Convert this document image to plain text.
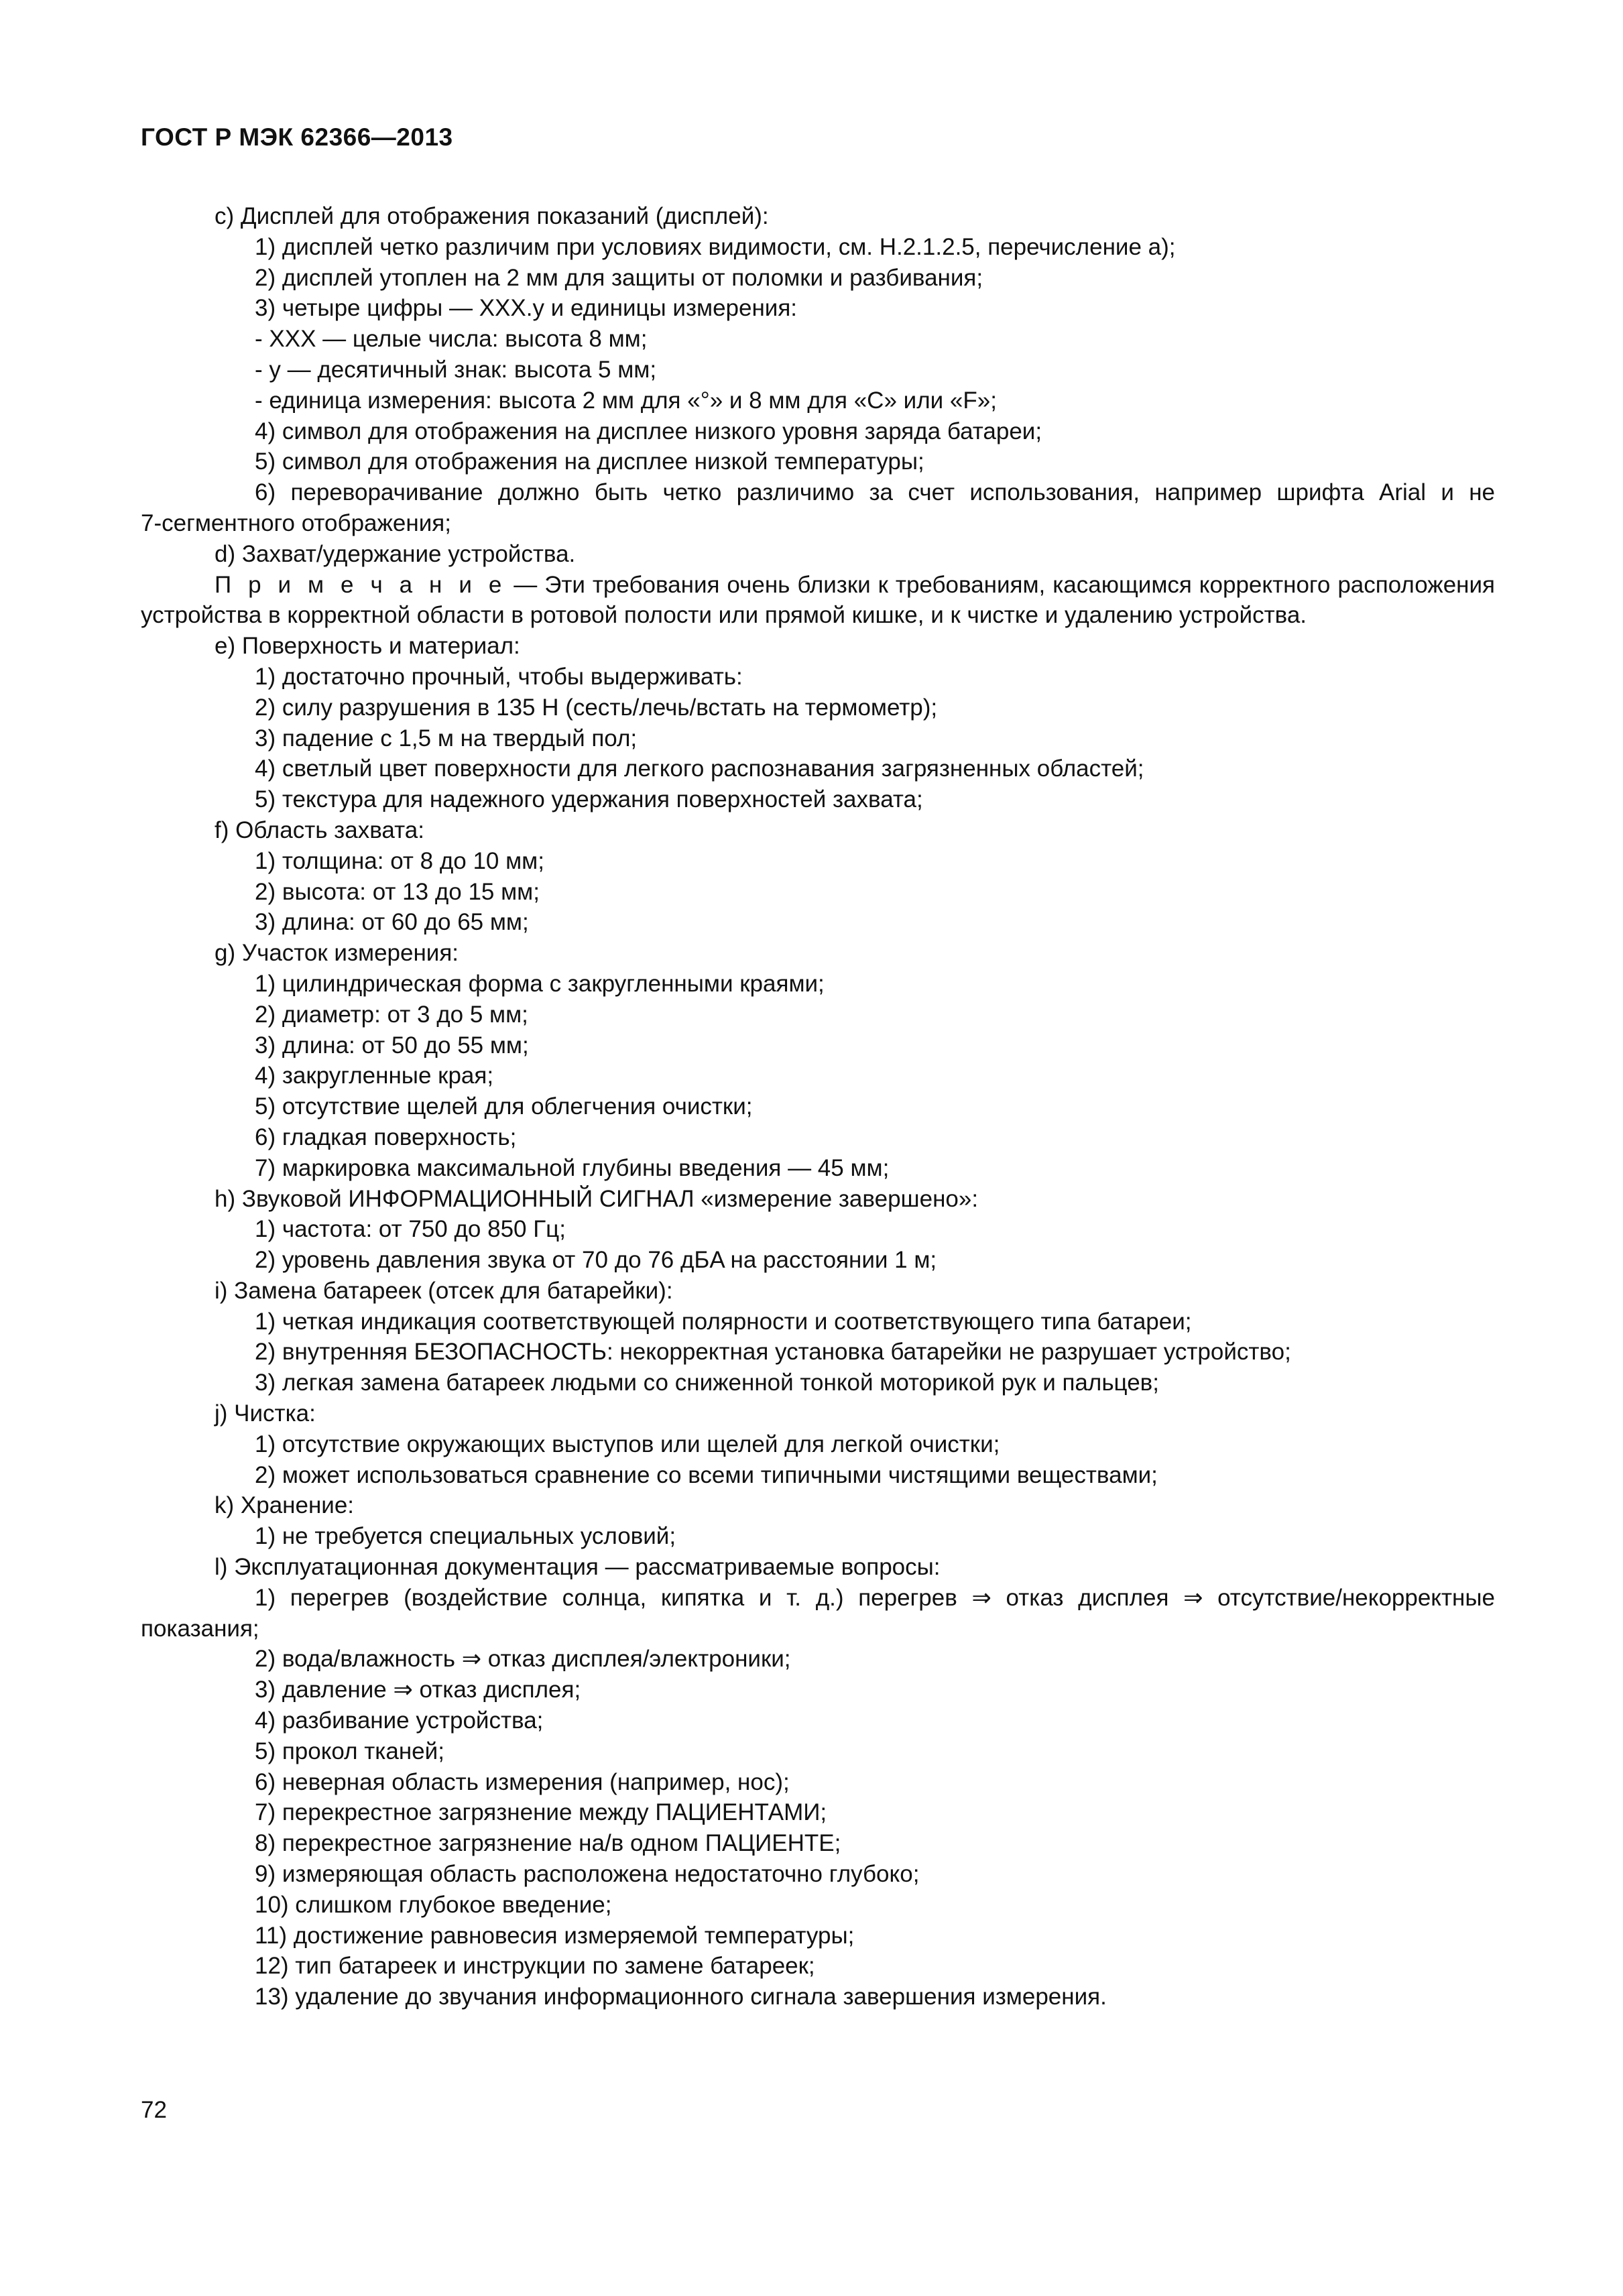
ГОСТ Р МЭК 62366—2013
с) Дисплей для отображения показаний (дисплей):
1) дисплей четко различим при условиях видимости, см. Н.2.1.2.5, перечисление а);
2) дисплей утоплен на 2 мм для защиты от поломки и разбивания;
3) четыре цифры — XXX.y и единицы измерения:
- XXX — целые числа: высота 8 мм;
- y — десятичный знак: высота 5 мм;
- единица измерения: высота 2 мм для «°» и 8 мм для «C» или «F»;
4) символ для отображения на дисплее низкого уровня заряда батареи;
5) символ для отображения на дисплее низкой температуры;
6) переворачивание должно быть четко различимо за счет использования, например шрифта Arial и не
7-сегментного отображения;
d) Захват/удержание устройства.
П р и м е ч а н и е — Эти требования очень близки к требованиям, касающимся корректного расположения
устройства в корректной области в ротовой полости или прямой кишке, и к чистке и удалению устройства.
е) Поверхность и материал:
1) достаточно прочный, чтобы выдерживать:
2) силу разрушения в 135 Н (сесть/лечь/встать на термометр);
3) падение с 1,5 м на твердый пол;
4) светлый цвет поверхности для легкого распознавания загрязненных областей;
5) текстура для надежного удержания поверхностей захвата;
f) Область захвата:
1) толщина: от 8 до 10 мм;
2) высота: от 13 до 15 мм;
3) длина: от 60 до 65 мм;
g) Участок измерения:
1) цилиндрическая форма с закругленными краями;
2) диаметр: от 3 до 5 мм;
3) длина: от 50 до 55 мм;
4) закругленные края;
5) отсутствие щелей для облегчения очистки;
6) гладкая поверхность;
7) маркировка максимальной глубины введения — 45 мм;
h) Звуковой ИНФОРМАЦИОННЫЙ СИГНАЛ «измерение завершено»:
1) частота: от 750 до 850 Гц;
2) уровень давления звука от 70 до 76 дБA на расстоянии 1 м;
i) Замена батареек (отсек для батарейки):
1) четкая индикация соответствующей полярности и соответствующего типа батареи;
2) внутренняя БЕЗОПАСНОСТЬ: некорректная установка батарейки не разрушает устройство;
3) легкая замена батареек людьми со сниженной тонкой моторикой рук и пальцев;
j) Чистка:
1) отсутствие окружающих выступов или щелей для легкой очистки;
2) может использоваться сравнение со всеми типичными чистящими веществами;
k) Хранение:
1) не требуется специальных условий;
l) Эксплуатационная документация — рассматриваемые вопросы:
1) перегрев (воздействие солнца, кипятка и т. д.) перегрев ⇒ отказ дисплея ⇒ отсутствие/некорректные
показания;
2) вода/влажность ⇒ отказ дисплея/электроники;
3) давление ⇒ отказ дисплея;
4) разбивание устройства;
5) прокол тканей;
6) неверная область измерения (например, нос);
7) перекрестное загрязнение между ПАЦИЕНТАМИ;
8) перекрестное загрязнение на/в одном ПАЦИЕНТЕ;
9) измеряющая область расположена недостаточно глубоко;
10) слишком глубокое введение;
11) достижение равновесия измеряемой температуры;
12) тип батареек и инструкции по замене батареек;
13) удаление до звучания информационного сигнала завершения измерения.
72
